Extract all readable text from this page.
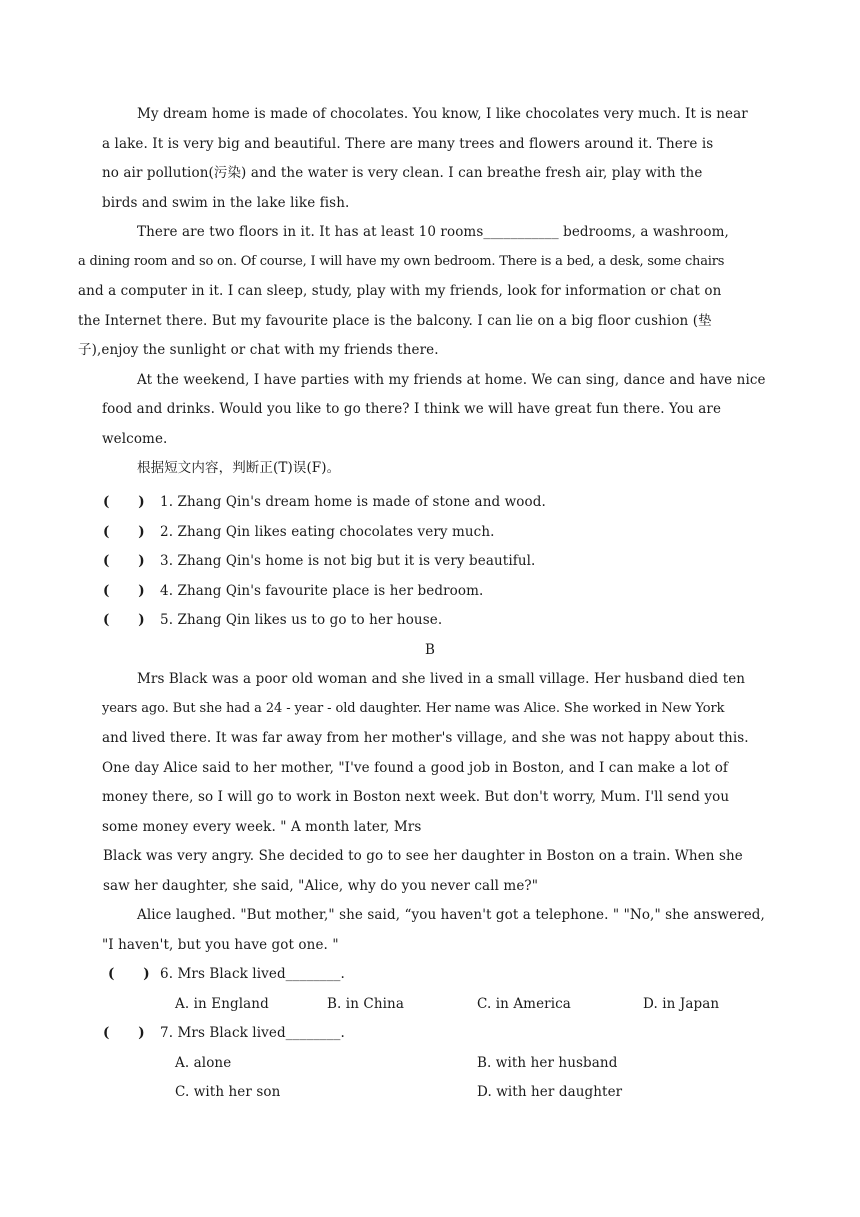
My dream home is made of chocolates. You know, I like chocolates very much. It is near
a lake. It is very big and beautiful. There are many trees and flowers around it. There is
no air pollution(污染) and the water is very clean. I can breathe fresh air, play with the
birds and swim in the lake like fish.
There are two floors in it. It has at least 10 rooms___________ bedrooms, a washroom,
a dining room and so on. Of course, I will have my own bedroom. There is a bed, a desk, some chairs
and a computer in it. I can sleep, study, play with my friends, look for information or chat on
the Internet there. But my favourite place is the balcony. I can lie on a big floor cushion (垫
子),enjoy the sunlight or chat with my friends there.
At the weekend, I have parties with my friends at home. We can sing, dance and have nice
food and drinks. Would you like to go there? I think we will have great fun there. You are
welcome.
根据短文内容，判断正(T)误(F)。
(      ) 1. Zhang Qin's dream home is made of stone and wood.
(      ) 2. Zhang Qin likes eating chocolates very much.
(      ) 3. Zhang Qin's home is not big but it is very beautiful.
(      ) 4. Zhang Qin's favourite place is her bedroom.
(      ) 5. Zhang Qin likes us to go to her house.
B
Mrs Black was a poor old woman and she lived in a small village. Her husband died ten
years ago. But she had a 24 - year - old daughter. Her name was Alice. She worked in New York
and lived there. It was far away from her mother's village, and she was not happy about this.
One day Alice said to her mother, "I've found a good job in Boston, and I can make a lot of
money there, so I will go to work in Boston next week. But don't worry, Mum. I'll send you
some money every week. " A month later, Mrs
Black was very angry. She decided to go to see her daughter in Boston on a train. When she
saw her daughter, she said, "Alice, why do you never call me?"
Alice laughed. "But mother," she said, “you haven't got a telephone. " "No," she answered,
"I haven't, but you have got one. "
(      ) 6. Mrs Black lived________.
A. in England	B. in China	C. in America	D. in Japan
(      ) 7. Mrs Black lived________.
A. alone	B. with her husband
C. with her son	D. with her daughter
